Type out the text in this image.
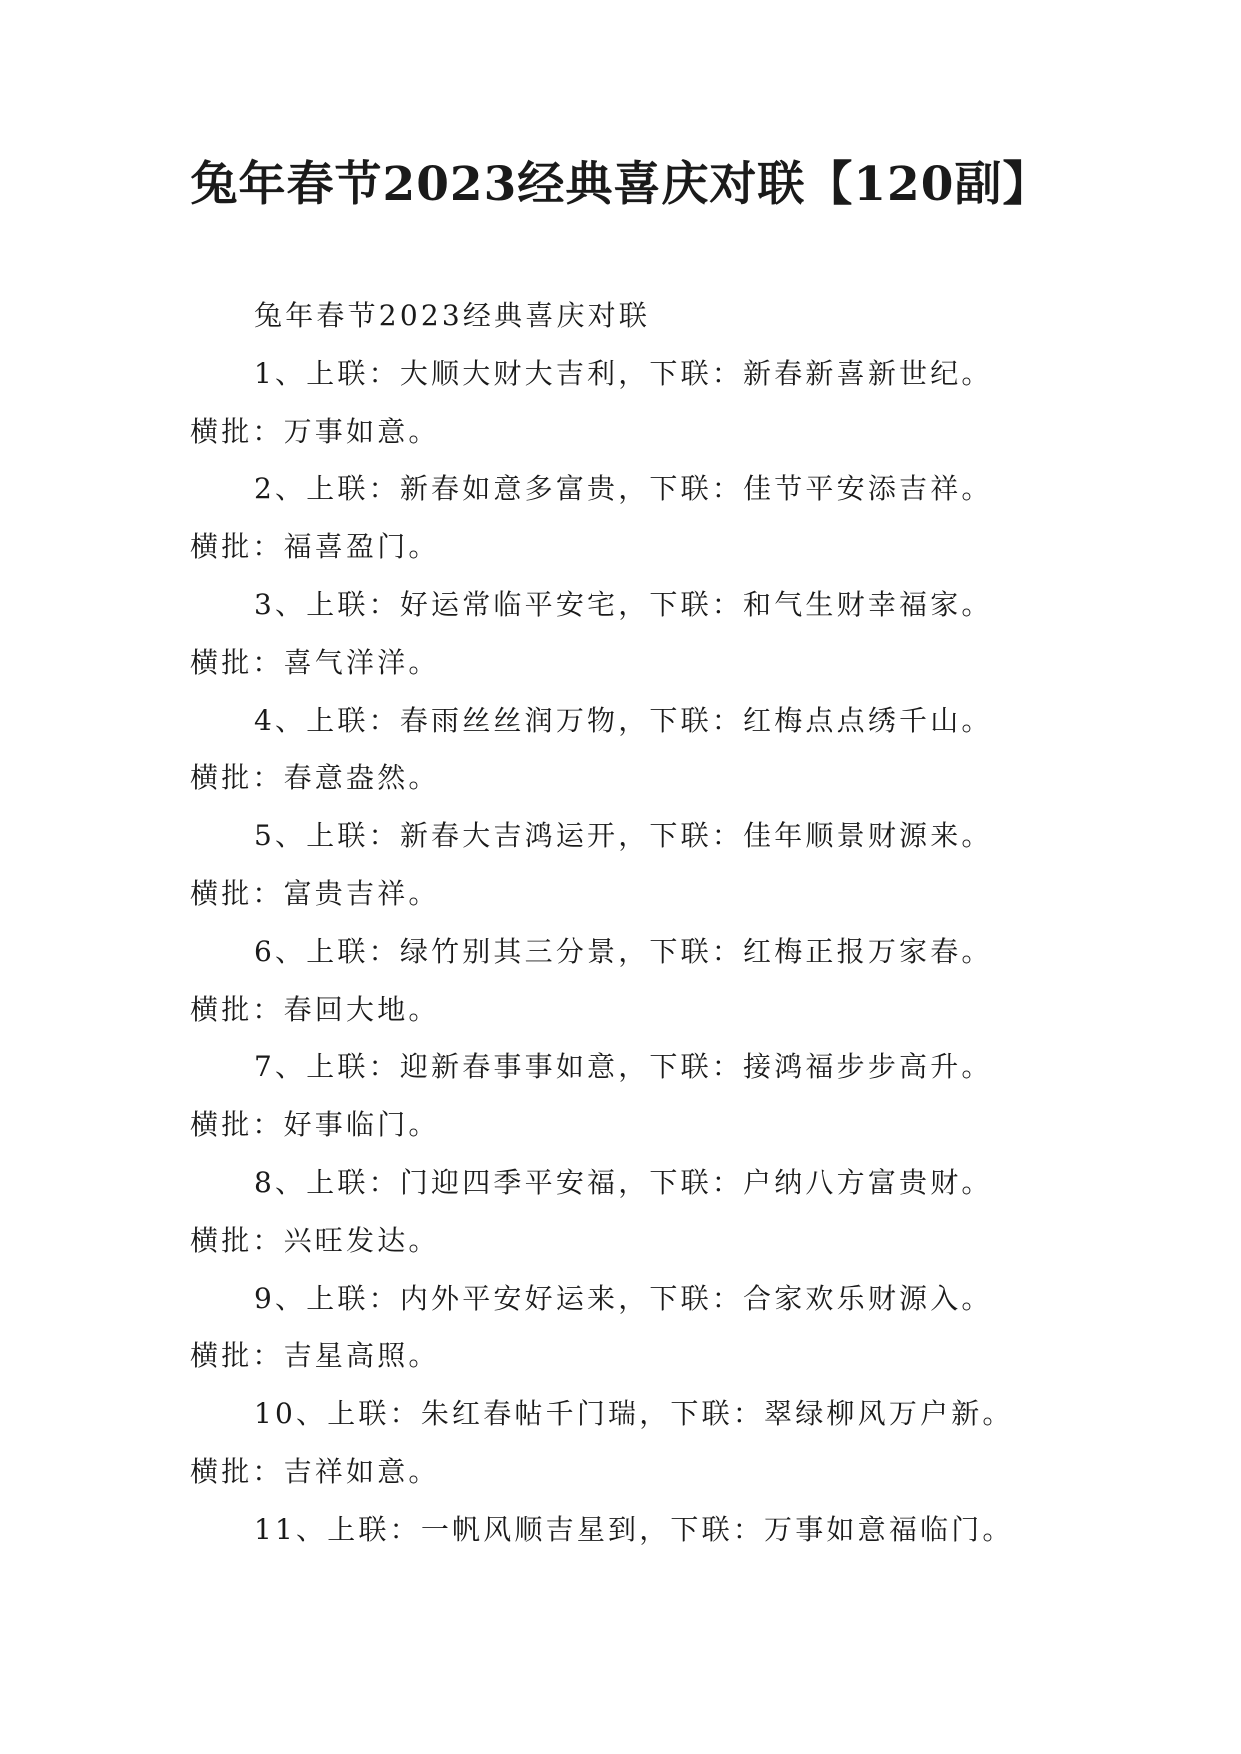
兔年春节2023经典喜庆对联【120副】
兔年春节2023经典喜庆对联
1、上联：大顺大财大吉利，下联：新春新喜新世纪。
横批：万事如意。
2、上联：新春如意多富贵，下联：佳节平安添吉祥。
横批：福喜盈门。
3、上联：好运常临平安宅，下联：和气生财幸福家。
横批：喜气洋洋。
4、上联：春雨丝丝润万物，下联：红梅点点绣千山。
横批：春意盎然。
5、上联：新春大吉鸿运开，下联：佳年顺景财源来。
横批：富贵吉祥。
6、上联：绿竹别其三分景，下联：红梅正报万家春。
横批：春回大地。
7、上联：迎新春事事如意，下联：接鸿福步步高升。
横批：好事临门。
8、上联：门迎四季平安福，下联：户纳八方富贵财。
横批：兴旺发达。
9、上联：内外平安好运来，下联：合家欢乐财源入。
横批：吉星高照。
10、上联：朱红春帖千门瑞，下联：翠绿柳风万户新。
横批：吉祥如意。
11、上联：一帆风顺吉星到，下联：万事如意福临门。
